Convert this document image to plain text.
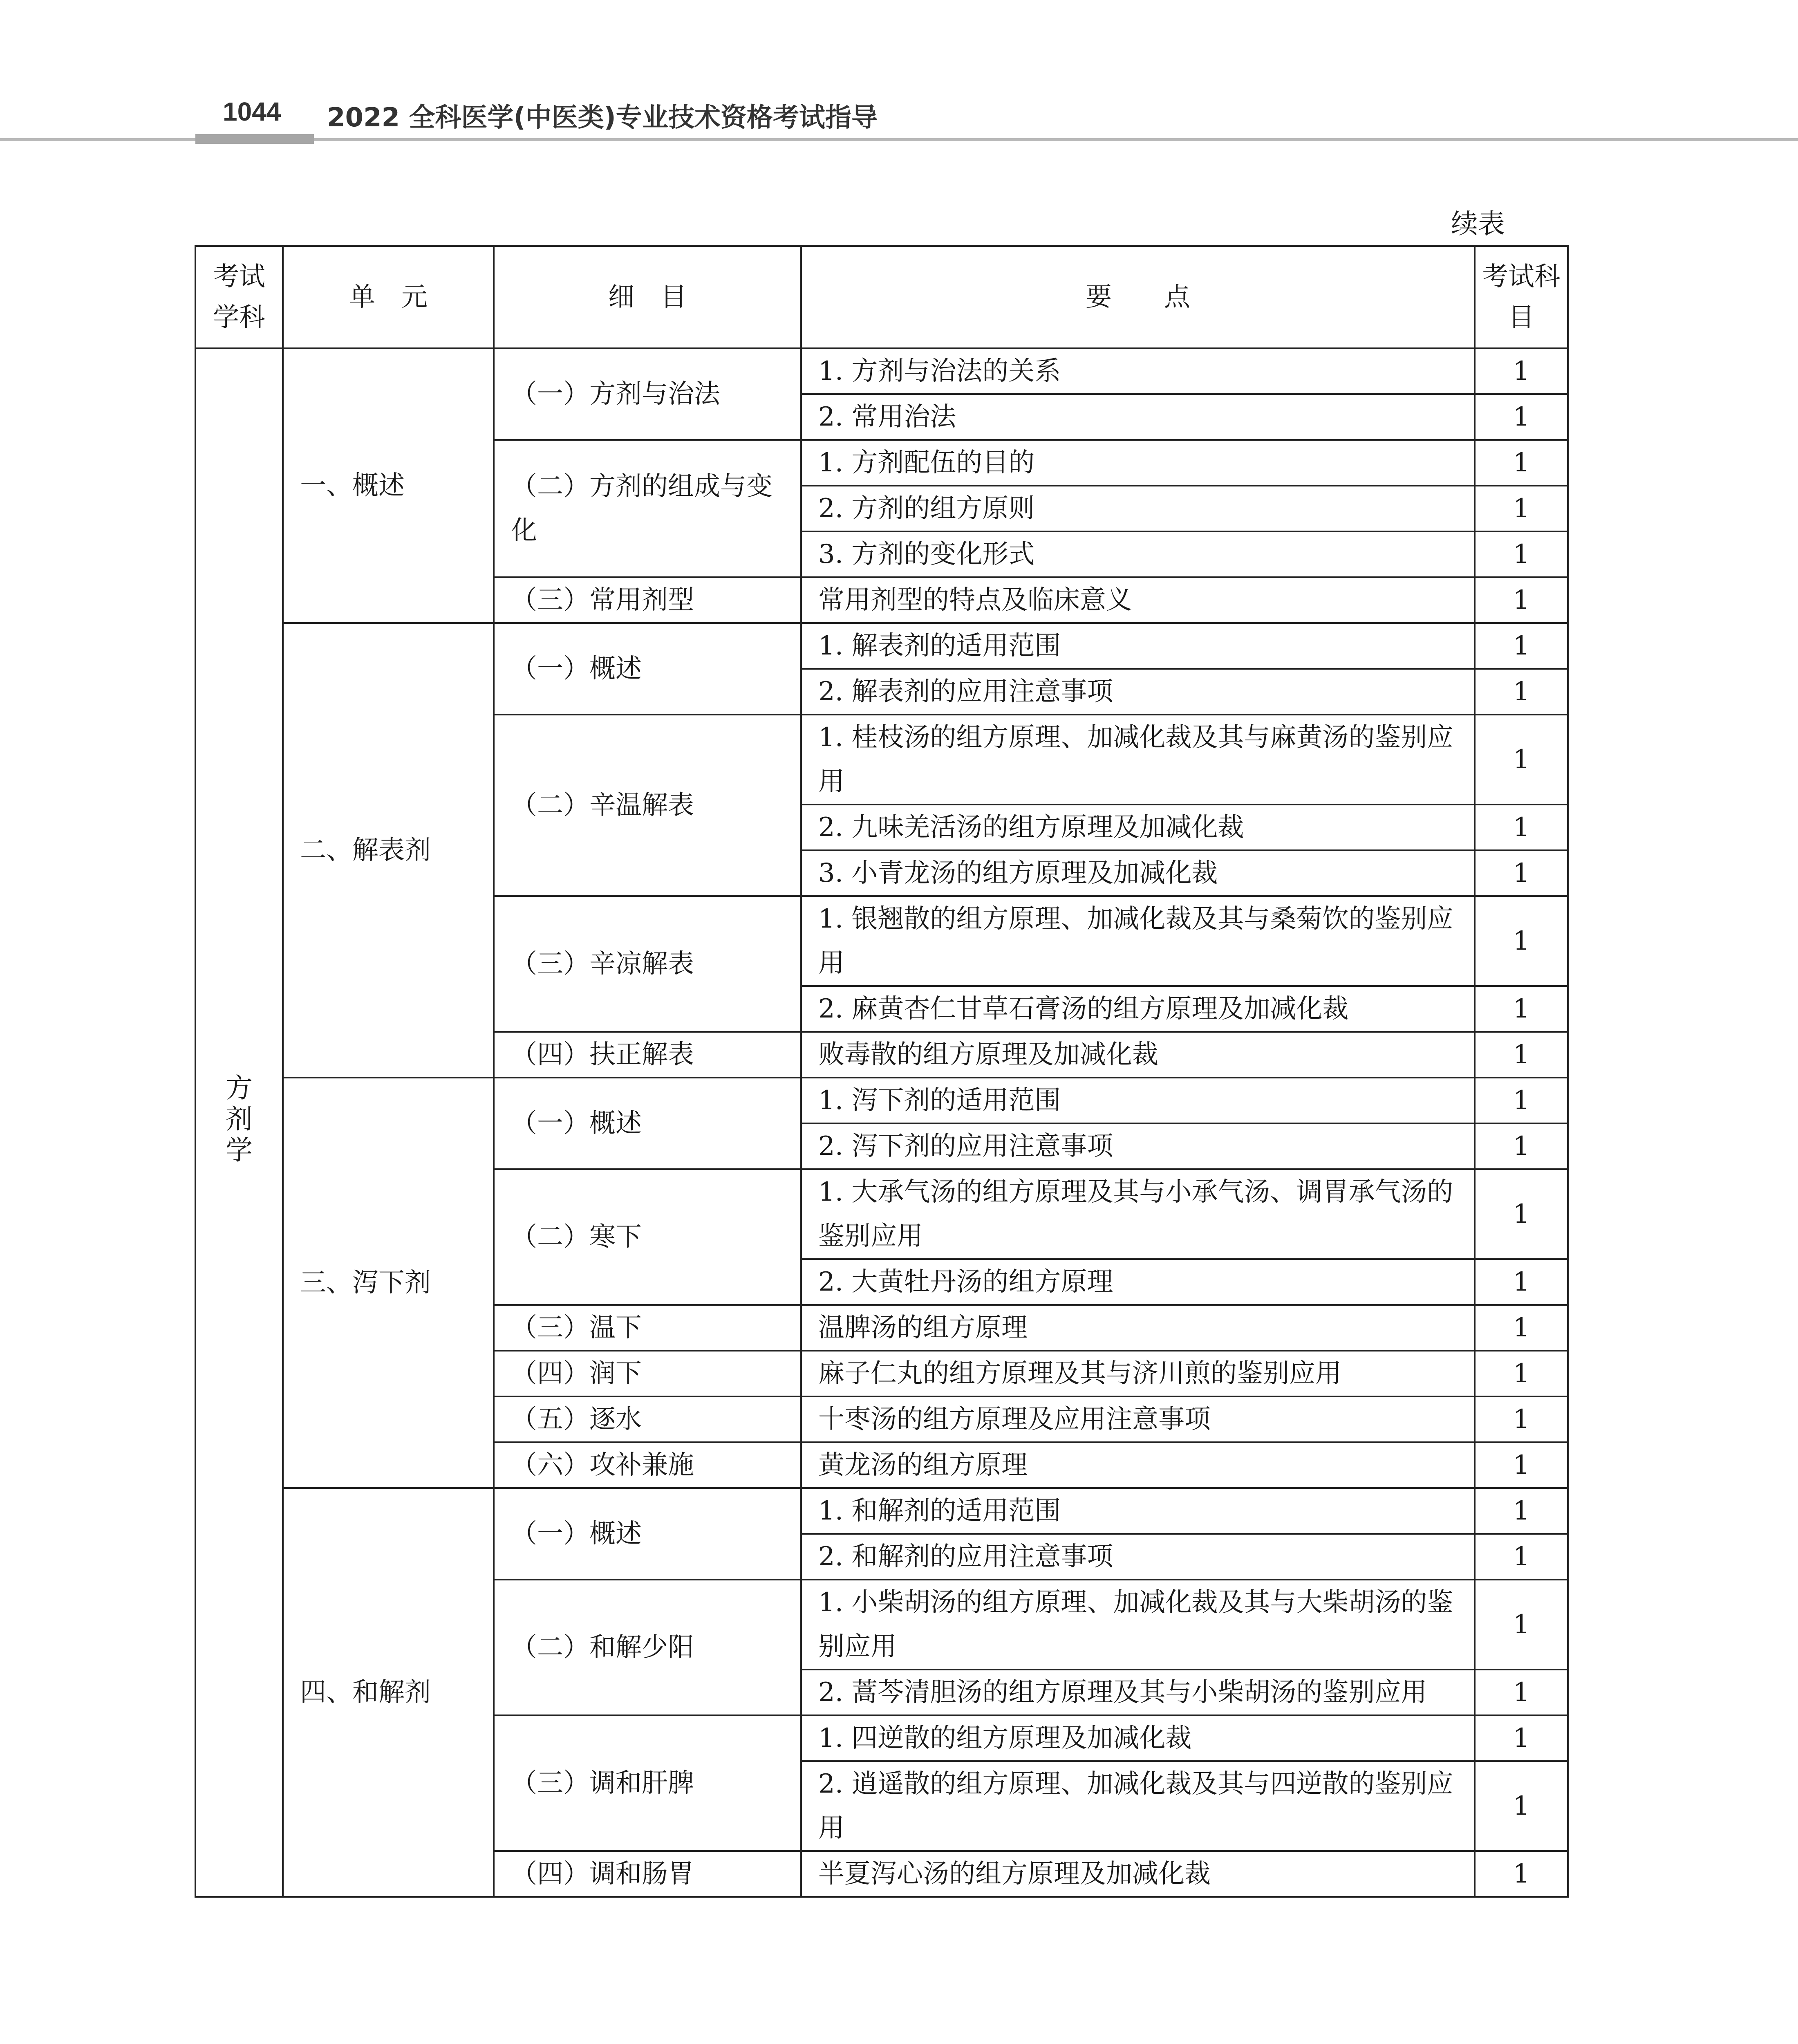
1044 2022 全科医学(中医类)专业技术资格考试指导
续表
考试学科	单　元	细　目	要　　点	考试科目
方剂学	一、概述	（一）方剂与治法	1. 方剂与治法的关系	1
			2. 常用治法	1
		（二）方剂的组成与变化	1. 方剂配伍的目的	1
			2. 方剂的组方原则	1
			3. 方剂的变化形式	1
		（三）常用剂型	常用剂型的特点及临床意义	1
	二、解表剂	（一）概述	1. 解表剂的适用范围	1
			2. 解表剂的应用注意事项	1
		（二）辛温解表	1. 桂枝汤的组方原理、加减化裁及其与麻黄汤的鉴别应用	1
			2. 九味羌活汤的组方原理及加减化裁	1
			3. 小青龙汤的组方原理及加减化裁	1
		（三）辛凉解表	1. 银翘散的组方原理、加减化裁及其与桑菊饮的鉴别应用	1
			2. 麻黄杏仁甘草石膏汤的组方原理及加减化裁	1
		（四）扶正解表	败毒散的组方原理及加减化裁	1
	三、泻下剂	（一）概述	1. 泻下剂的适用范围	1
			2. 泻下剂的应用注意事项	1
		（二）寒下	1. 大承气汤的组方原理及其与小承气汤、调胃承气汤的鉴别应用	1
			2. 大黄牡丹汤的组方原理	1
		（三）温下	温脾汤的组方原理	1
		（四）润下	麻子仁丸的组方原理及其与济川煎的鉴别应用	1
		（五）逐水	十枣汤的组方原理及应用注意事项	1
		（六）攻补兼施	黄龙汤的组方原理	1
	四、和解剂	（一）概述	1. 和解剂的适用范围	1
			2. 和解剂的应用注意事项	1
		（二）和解少阳	1. 小柴胡汤的组方原理、加减化裁及其与大柴胡汤的鉴别应用	1
			2. 蒿芩清胆汤的组方原理及其与小柴胡汤的鉴别应用	1
		（三）调和肝脾	1. 四逆散的组方原理及加减化裁	1
			2. 逍遥散的组方原理、加减化裁及其与四逆散的鉴别应用	1
		（四）调和肠胃	半夏泻心汤的组方原理及加减化裁	1
